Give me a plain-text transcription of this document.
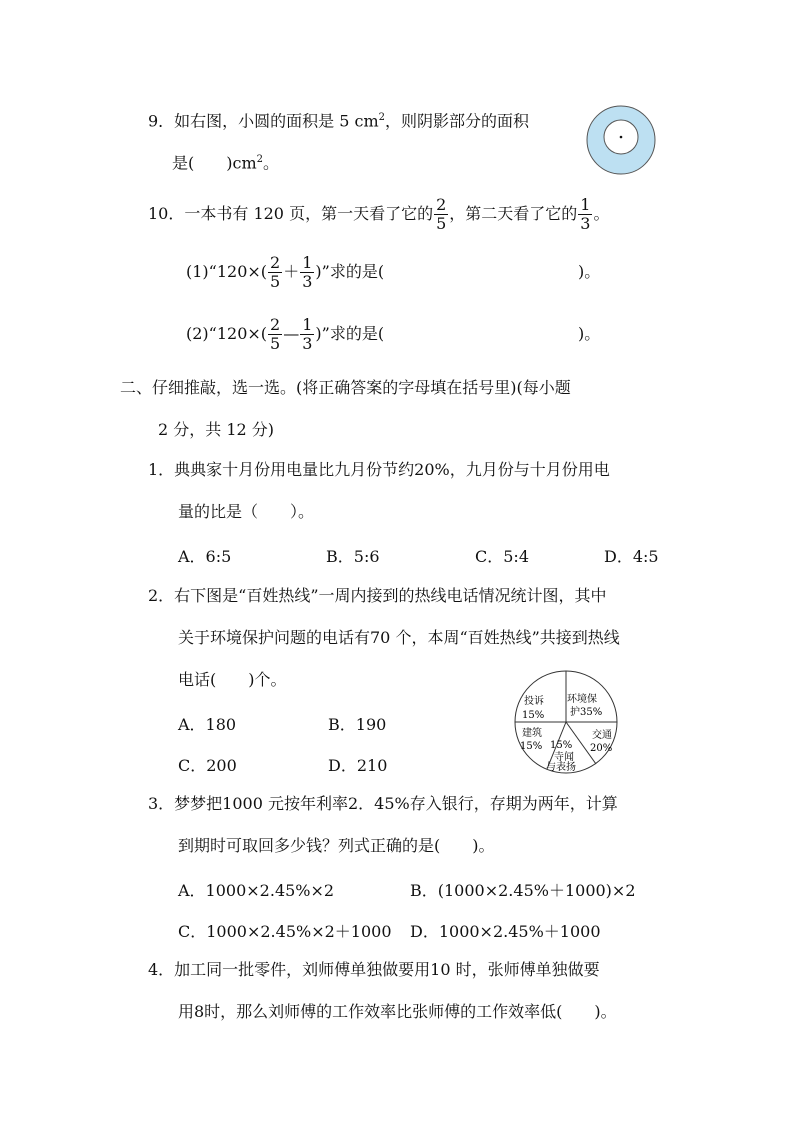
9．如右图，小圆的面积是 5 $cm^2$，则阴影部分的面积
是(　　)$cm^2$。
10．一本书有 120 页，第一天看了它的 $\frac{2}{5}$ ，第二天看了它的 $\frac{1}{3}$ 。
(1)“120×( $\frac{2}{5} + \frac{1}{3}$ )”求的是(	)。
(2)“120×( $\frac{2}{5}$ — $\frac{1}{3}$ )”求的是(	)。
二、仔细推敲，选一选。(将正确答案的字母填在括号里)(每小题
2 分，共 12 分)
1．典典家十月份用电量比九月份节约20%，九月份与十月份用电
量的比是（　　）。
A．6:5	B．5:6	C．5:4	D．4:5
2．右下图是“百姓热线”一周内接到的热线电话情况统计图，其中
关于环境保护问题的电话有70 个，本周“百姓热线”共接到热线
电话(　　)个。
A．180	B．190
C．200	D．210
投诉
15%
环境保
护35%
建筑
15% 15%
寺闻
与表扬
交通
20%
3．梦梦把1000 元按年利率2．45%存入银行，存期为两年，计算
到期时可取回多少钱？列式正确的是(　　)。
A．1000×2.45%×2	B．(1000×2.45%＋1000)×2
C．1000×2.45%×2＋1000 D．1000×2.45%＋1000
4．加工同一批零件，刘师傅单独做要用10 时，张师傅单独做要
用8时，那么刘师傅的工作效率比张师傅的工作效率低(　　)。
